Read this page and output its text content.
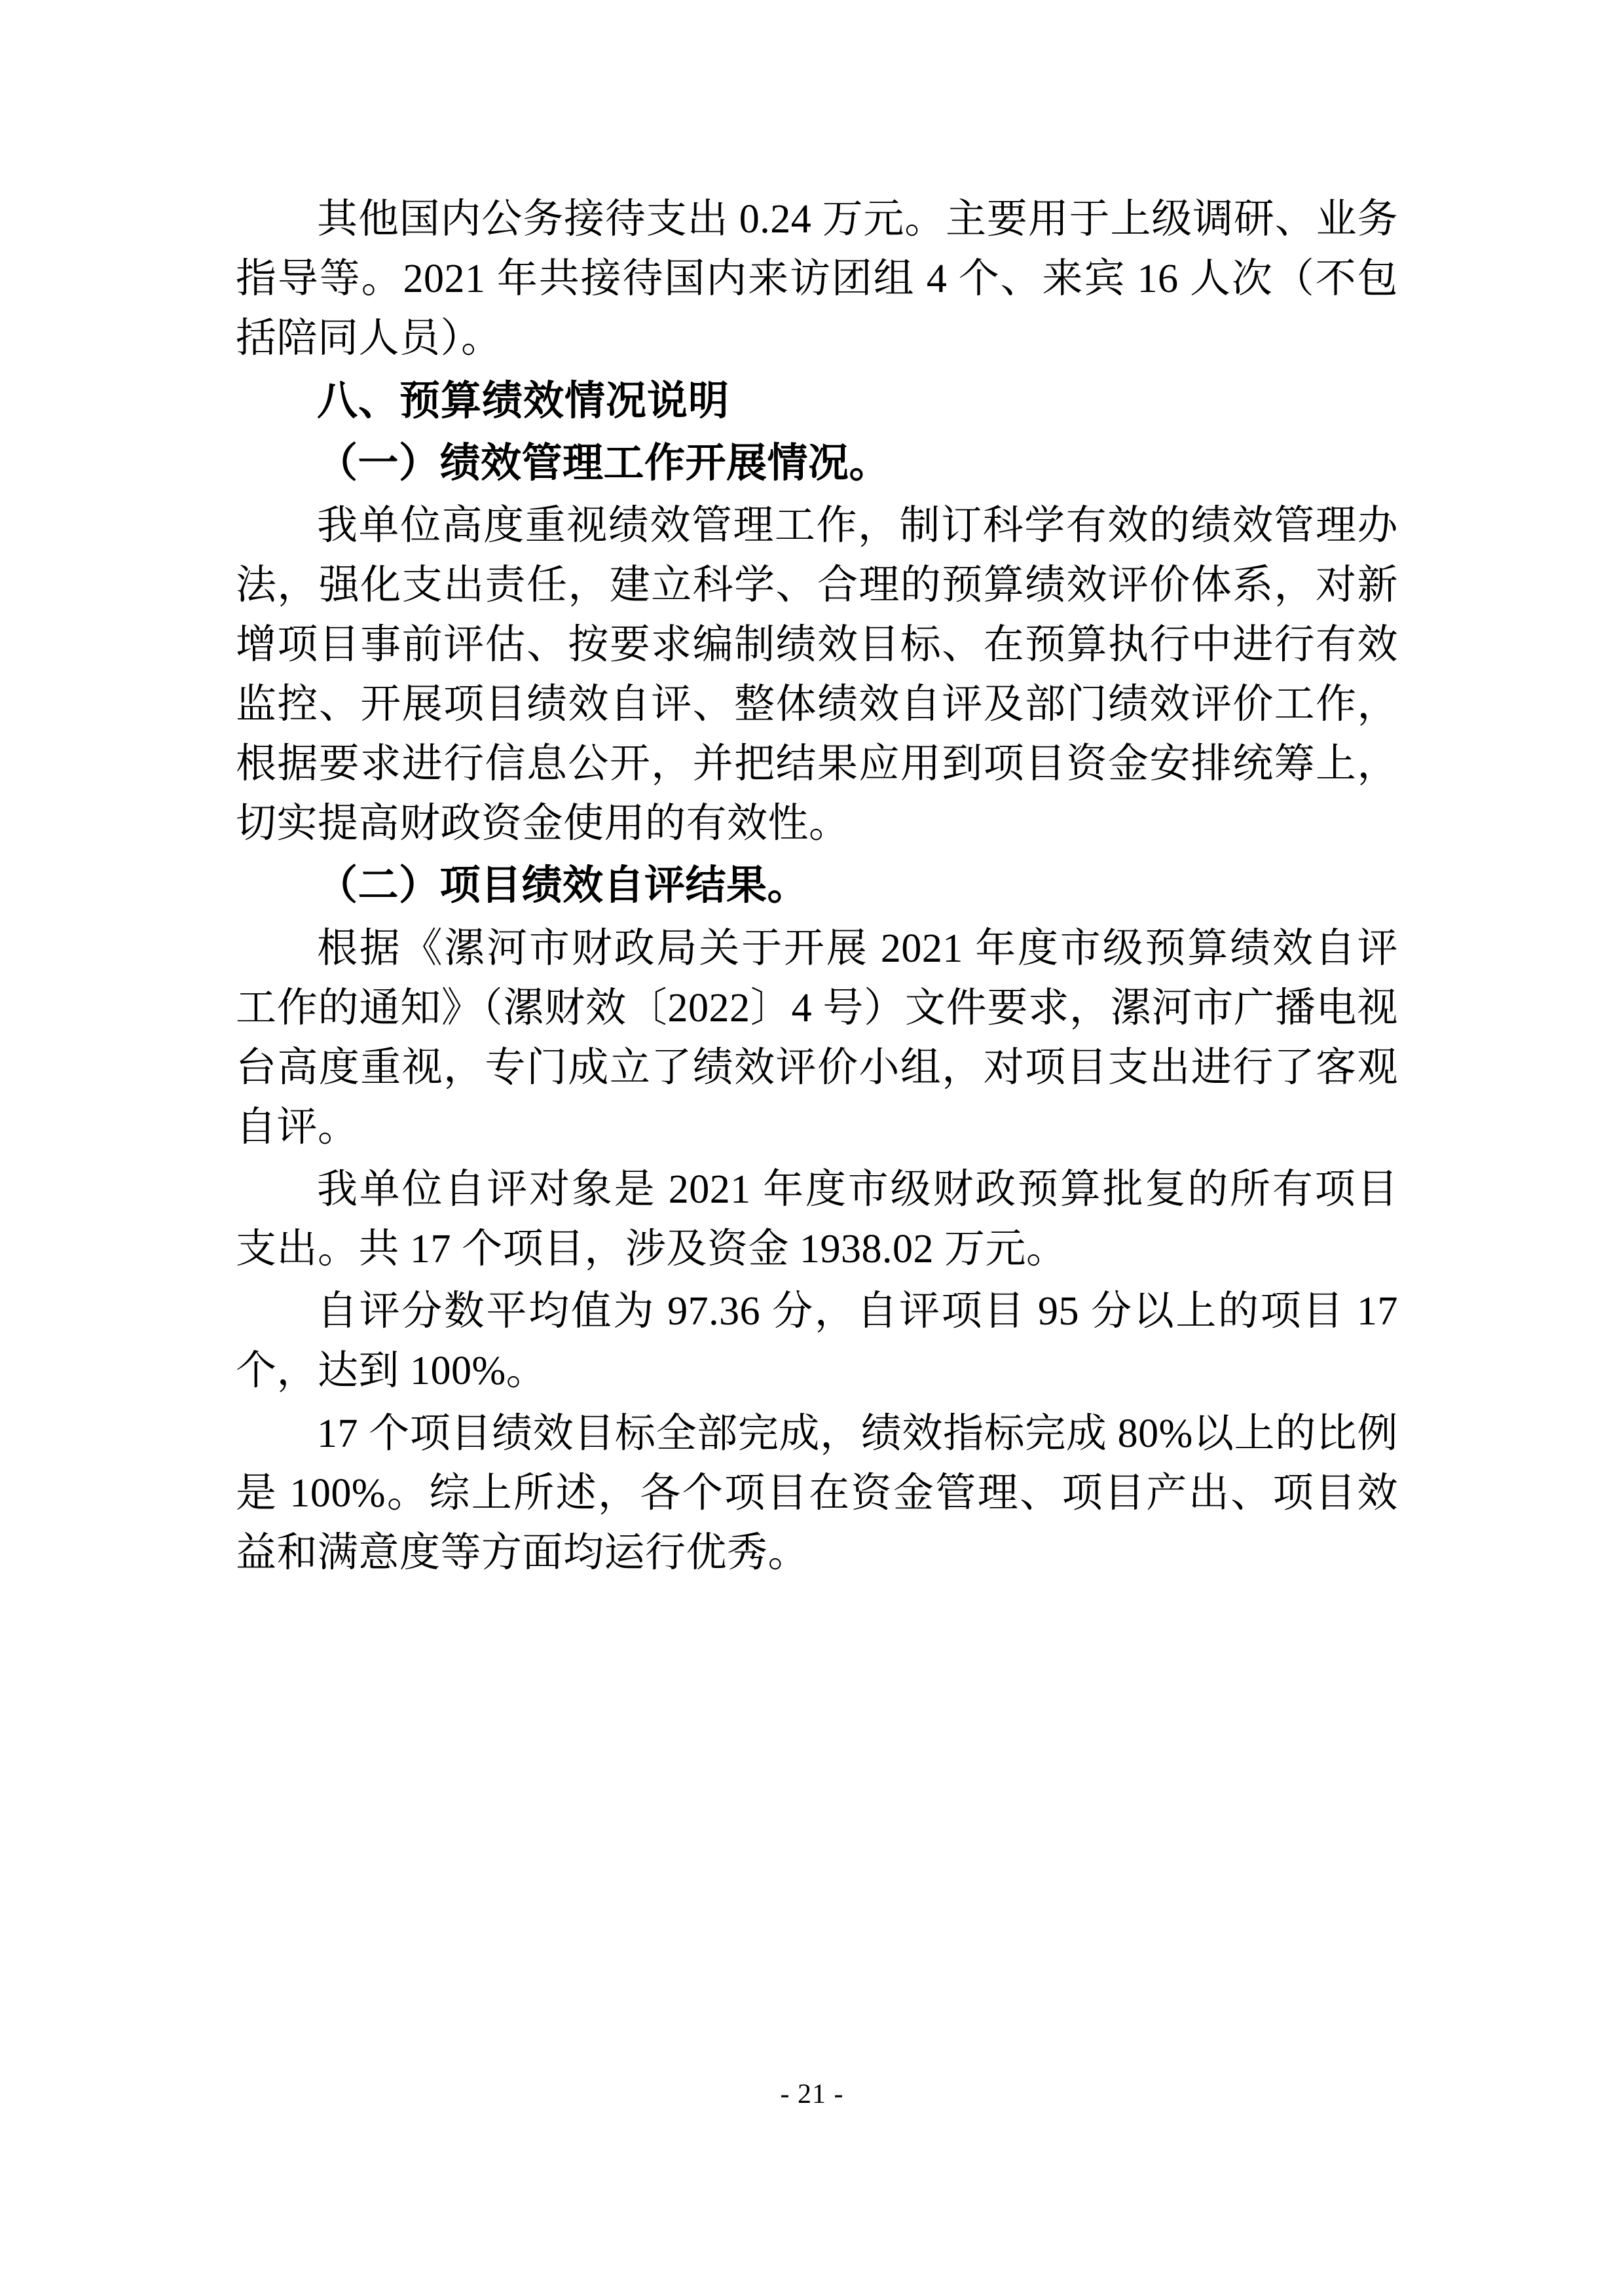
其他国内公务接待支出 0.24 万元。主要用于上级调研、业务指导等。2021 年共接待国内来访团组 4 个、来宾 16 人次（不包括陪同人员）。

八、预算绩效情况说明

（一）绩效管理工作开展情况。

我单位高度重视绩效管理工作，制订科学有效的绩效管理办法，强化支出责任，建立科学、合理的预算绩效评价体系，对新增项目事前评估、按要求编制绩效目标、在预算执行中进行有效监控、开展项目绩效自评、整体绩效自评及部门绩效评价工作，根据要求进行信息公开，并把结果应用到项目资金安排统筹上，切实提高财政资金使用的有效性。

（二）项目绩效自评结果。

根据《漯河市财政局关于开展 2021 年度市级预算绩效自评工作的通知》（漯财效〔2022〕4 号）文件要求，漯河市广播电视台高度重视，专门成立了绩效评价小组，对项目支出进行了客观自评。

我单位自评对象是 2021 年度市级财政预算批复的所有项目支出。共 17 个项目，涉及资金 1938.02 万元。

自评分数平均值为 97.36 分，自评项目 95 分以上的项目 17 个，达到 100%。

17 个项目绩效目标全部完成，绩效指标完成 80%以上的比例是 100%。综上所述，各个项目在资金管理、项目产出、项目效益和满意度等方面均运行优秀。

- 21 -
